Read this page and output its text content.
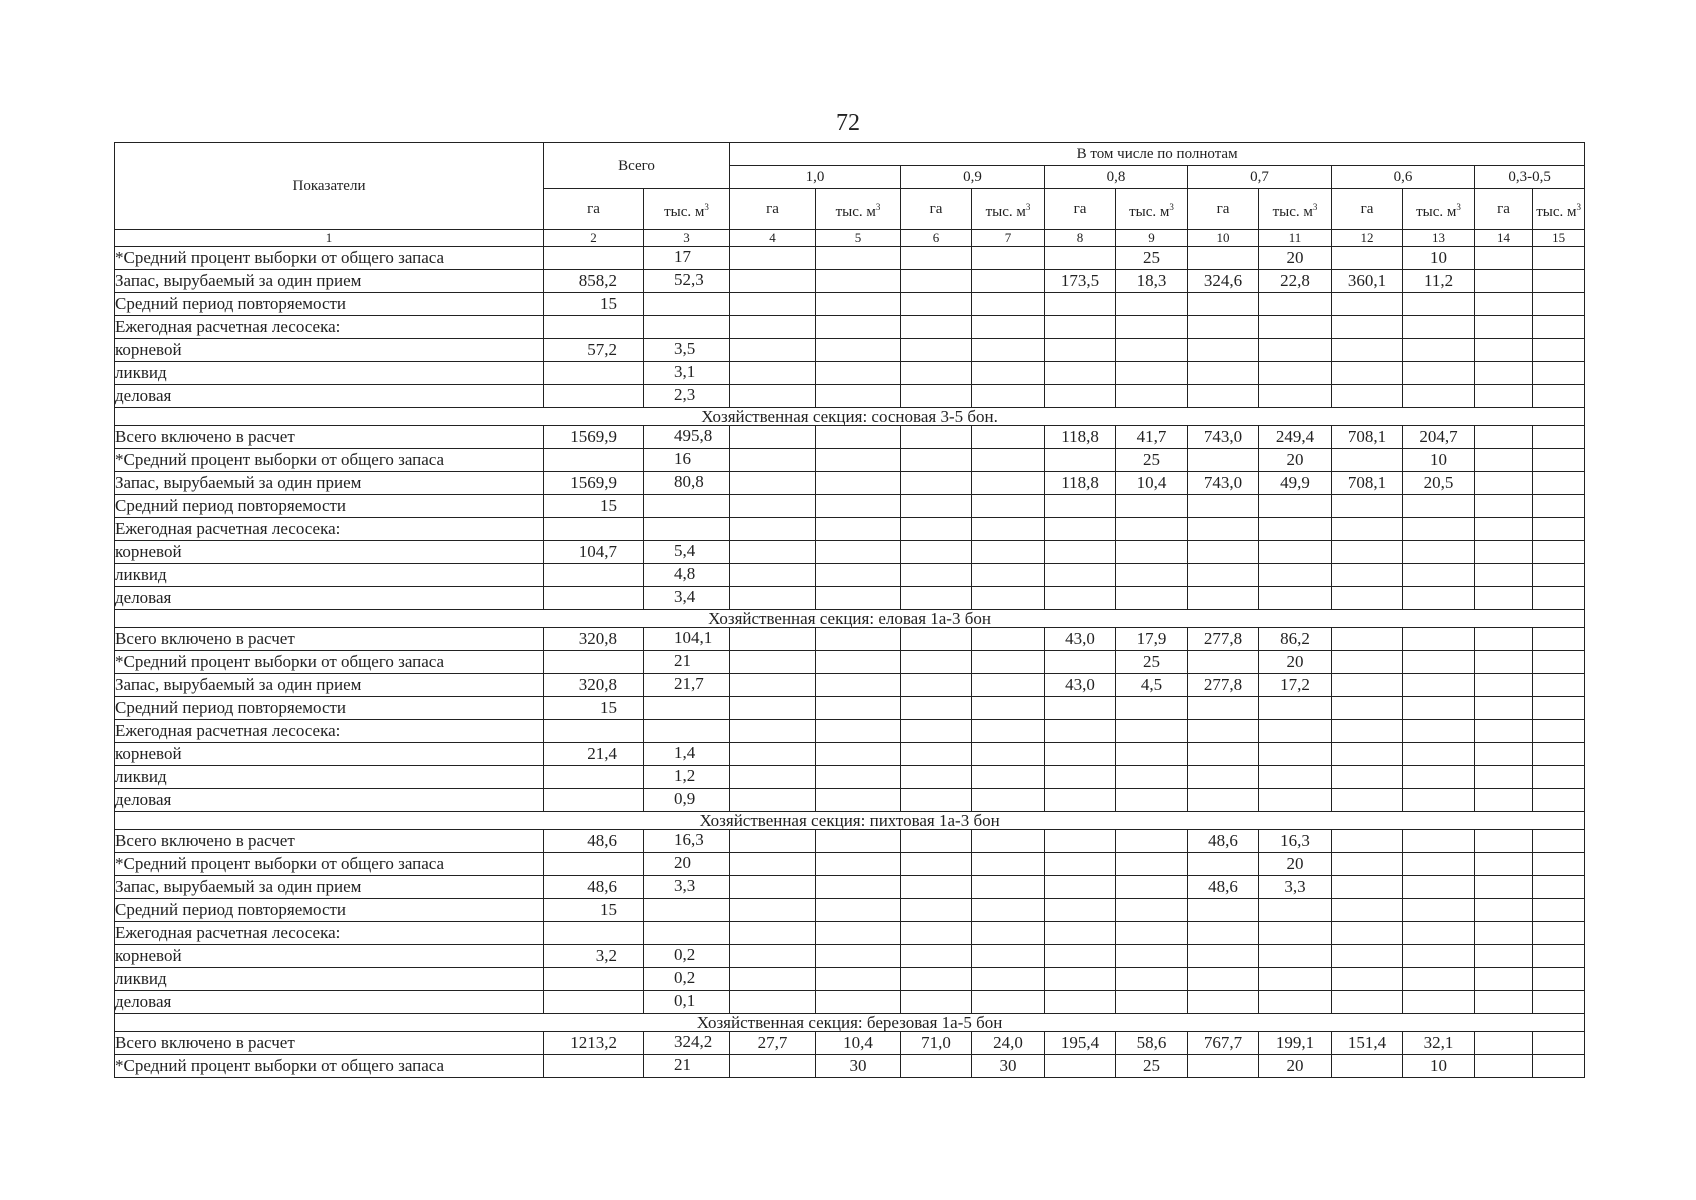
72
Показатели	Всего		В том числе по полнотам											
			1,0		0,9		0,8		0,7		0,6		0,3-0,5	
	га	тыс. $м^3$	га	тыс. $м^3$	га	тыс. $м^3$	га	тыс. $м^3$	га	тыс. $м^3$	га	тыс. $м^3$	га	тыс. $м^3$
1	2	3	4	5	6	7	8	9	10	11	12	13	14	15
*Средний процент выборки от общего запаса		17						25		20		10		
Запас, вырубаемый за один прием	858,2	52,3					173,5	18,3	324,6	22,8	360,1	11,2		
Средний период повторяемости	15													
Ежегодная расчетная лесосека:														
корневой	57,2	3,5												
ликвид		3,1												
деловая		2,3												
Хозяйственная секция: сосновая 3-5 бон.														
Всего включено в расчет	1569,9	495,8					118,8	41,7	743,0	249,4	708,1	204,7		
*Средний процент выборки от общего запаса		16						25		20		10		
Запас, вырубаемый за один прием	1569,9	80,8					118,8	10,4	743,0	49,9	708,1	20,5		
Средний период повторяемости	15													
Ежегодная расчетная лесосека:														
корневой	104,7	5,4												
ликвид		4,8												
деловая		3,4												
Хозяйственная секция: еловая 1а-3 бон														
Всего включено в расчет	320,8	104,1					43,0	17,9	277,8	86,2				
*Средний процент выборки от общего запаса		21						25		20				
Запас, вырубаемый за один прием	320,8	21,7					43,0	4,5	277,8	17,2				
Средний период повторяемости	15													
Ежегодная расчетная лесосека:														
корневой	21,4	1,4												
ликвид		1,2												
деловая		0,9												
Хозяйственная секция: пихтовая 1а-3 бон														
Всего включено в расчет	48,6	16,3							48,6	16,3				
*Средний процент выборки от общего запаса		20								20				
Запас, вырубаемый за один прием	48,6	3,3							48,6	3,3				
Средний период повторяемости	15													
Ежегодная расчетная лесосека:														
корневой	3,2	0,2												
ликвид		0,2												
деловая		0,1												
Хозяйственная секция: березовая 1а-5 бон														
Всего включено в расчет	1213,2	324,2	27,7	10,4	71,0	24,0	195,4	58,6	767,7	199,1	151,4	32,1		
*Средний процент выборки от общего запаса		21		30		30		25		20		10		
